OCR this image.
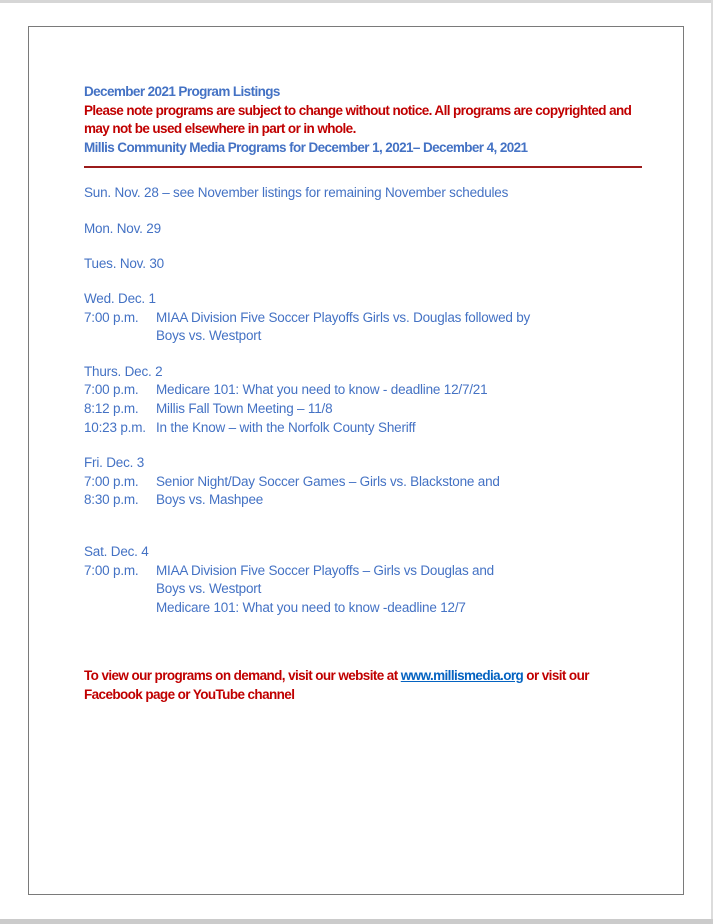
December 2021 Program Listings
Please note programs are subject to change without notice. All programs are copyrighted and
may not be used elsewhere in part or in whole.
Millis Community Media Programs for December 1, 2021– December 4, 2021
Sun. Nov. 28 – see November listings for remaining November schedules
Mon. Nov. 29
Tues. Nov. 30
Wed. Dec. 1
7:00 p.m.	MIAA Division Five Soccer Playoffs Girls vs. Douglas followed by
Boys vs. Westport
Thurs. Dec. 2
7:00 p.m.	Medicare 101: What you need to know - deadline 12/7/21
8:12 p.m.	Millis Fall Town Meeting – 11/8
10:23 p.m. In the Know – with the Norfolk County Sheriff
Fri. Dec. 3
7:00 p.m.	Senior Night/Day Soccer Games – Girls vs. Blackstone and
8:30 p.m.	Boys vs. Mashpee
Sat. Dec. 4
7:00 p.m.	MIAA Division Five Soccer Playoffs – Girls vs Douglas and
Boys vs. Westport
Medicare 101: What you need to know -deadline 12/7
To view our programs on demand, visit our website at www.millismedia.org or visit our
Facebook page or YouTube channel
